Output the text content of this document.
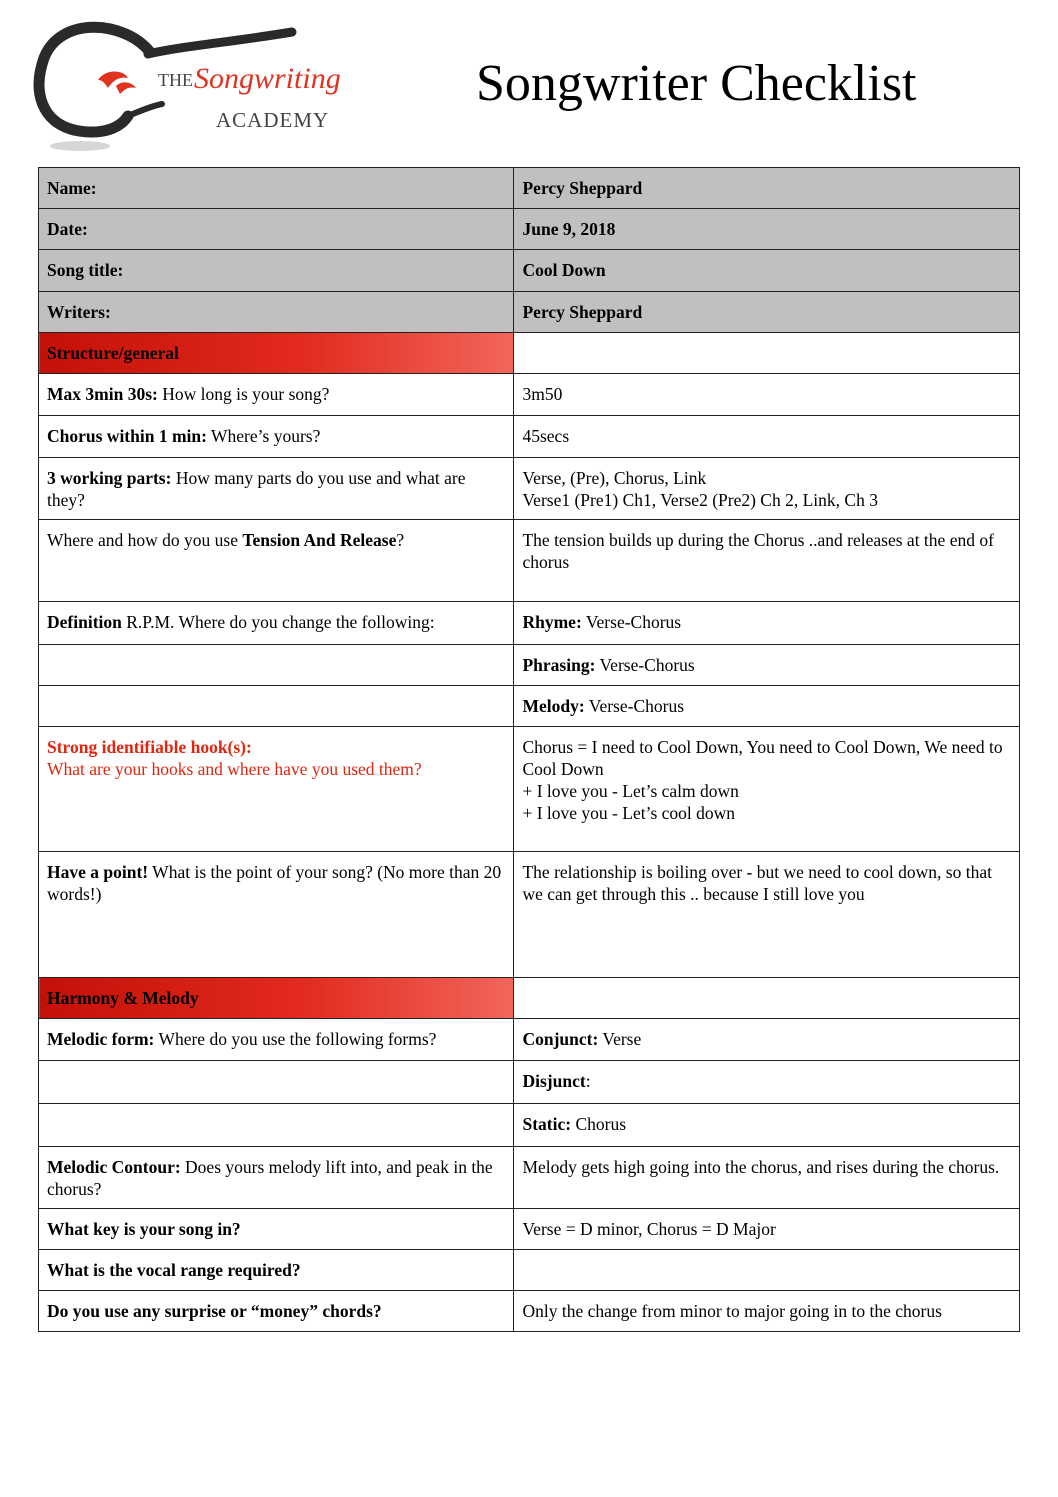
THE Songwriting
ACADEMY
Songwriter Checklist
Name:	Percy Sheppard
Date:	June 9, 2018
Song title:	Cool Down
Writers:	Percy Sheppard
Structure/general	
Max 3min 30s: How long is your song?	3m50
Chorus within 1 min: Where’s yours?	45secs
3 working parts: How many parts do you use and what are they?	Verse, (Pre), Chorus, Link
Verse1 (Pre1) Ch1, Verse2 (Pre2) Ch 2, Link, Ch 3

Where and how do you use Tension And Release?	The tension builds up during the Chorus ..and releases at the end of chorus
Definition R.P.M. Where do you change the following:	Rhyme: Verse-Chorus
	Phrasing: Verse-Chorus
	Melody: Verse-Chorus

Strong identifiable hook(s):
What are your hooks and where have you used them?	Chorus = I need to Cool Down, You need to Cool Down, We need to Cool Down
+ I love you - Let’s calm down
+ I love you - Let’s cool down

Have a point! What is the point of your song? (No more than 20 words!)	The relationship is boiling over - but we need to cool down, so that we can get through this .. because I still love you
Harmony & Melody	
Melodic form: Where do you use the following forms?	Conjunct: Verse
	Disjunct:
	Static: Chorus
Melodic Contour: Does yours melody lift into, and peak in the chorus?	Melody gets high going into the chorus, and rises during the chorus.
What key is your song in?	Verse = D minor, Chorus = D Major
What is the vocal range required?	
Do you use any surprise or “money” chords?	Only the change from minor to major going in to the chorus
